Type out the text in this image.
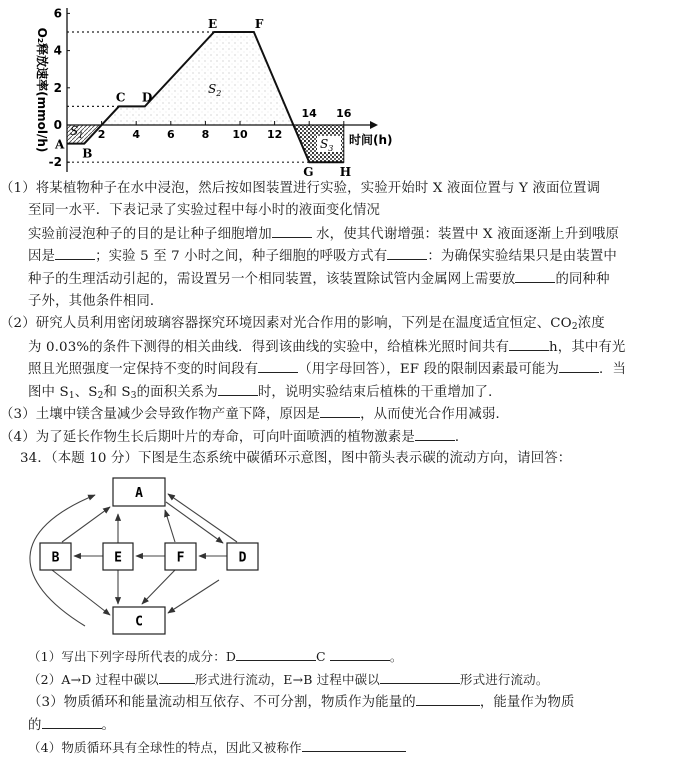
2 4 6 8 10 12
14 16
6
4
2
0
-2
A
B
C D
E	F
G H
O₂释放速率(mmol/h)	时间(h)
$S_1$
$S_2$
$S_3$
（1）将某植物种子在水中浸泡，然后按如图装置进行实验，实验开始时 X 液面位置与 Y 液面位置调
至同一水平．下表记录了实验过程中每小时的液面变化情况
实验前浸泡种子的目的是让种子细胞增加	水，使其代谢增强：装置中 X 液面逐渐上升到哦原
因是	；实验 5 至 7 小时之间，种子细胞的呼吸方式有	：为确保实验结果只是由装置中
种子的生理活动引起的，需设置另一个相同装置，该装置除试管内金属网上需要放	的同种种
子外，其他条件相同．
（2）研究人员利用密闭玻璃容器探究环境因素对光合作用的影响，下列是在温度适宜恒定、$CO_2$浓度
为 0.03%的条件下测得的相关曲线．得到该曲线的实验中，给植株光照时间共有	h，其中有光
照且光照强度一定保持不变的时间段有	（用字母回答），EF 段的限制因素最可能为	．当
图中 $S_1$、$S_2$和 $S_3$的面积关系为	时，说明实验结束后植株的干重增加了．
（3）土壤中镁含量减少会导致作物产童下降，原因是	，从而使光合作用减弱．
（4）为了延长作物生长后期叶片的寿命，可向叶面喷洒的植物激素是	．
34．（本题 10 分）下图是生态系统中碳循环示意图，图中箭头表示碳的流动方向，请回答：
A
B	E	F	D
C
（1）写出下列字母所代表的成分：D	C	。
（2）A→D 过程中碳以	形式进行流动，E→B 过程中碳以	形式进行流动。
（3）物质循环和能量流动相互依存、不可分割，物质作为能量的	，能量作为物质
的	。
（4）物质循环具有全球性的特点，因此又被称作
